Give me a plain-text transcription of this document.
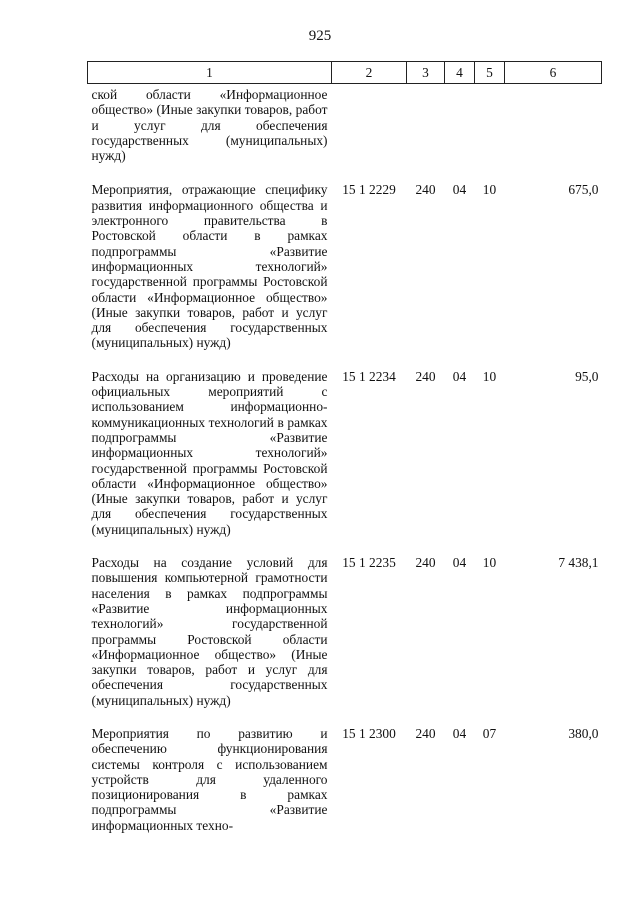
925
1	2	3	4	5	6
ской области «Информационное общество» (Иные закупки товаров, работ и услуг для обеспечения государственных (муниципальных) нужд)					
Мероприятия, отражающие специфику развития информационного общества и электронного правительства в Ростовской области в рамках подпрограммы «Развитие информационных технологий» государственной программы Ростовской области «Информационное общество» (Иные закупки товаров, работ и услуг для обеспечения государственных (муниципальных) нужд)	15 1 2229	240	04	10	675,0
Расходы на организацию и проведение официальных мероприятий с использованием информационно-коммуникационных технологий в рамках подпрограммы «Развитие информационных технологий» государственной программы Ростовской области «Информационное общество» (Иные закупки товаров, работ и услуг для обеспечения государственных (муниципальных) нужд)	15 1 2234	240	04	10	95,0
Расходы на создание условий для повышения компьютерной грамотности населения в рамках подпрограммы «Развитие информационных технологий» государственной программы Ростовской области «Информационное общество» (Иные закупки товаров, работ и услуг для обеспечения государственных (муниципальных) нужд)	15 1 2235	240	04	10	7 438,1
Мероприятия по развитию и обеспечению функционирования системы контроля с использованием устройств для удаленного позиционирования в рамках подпрограммы «Развитие информационных техно-	15 1 2300	240	04	07	380,0
